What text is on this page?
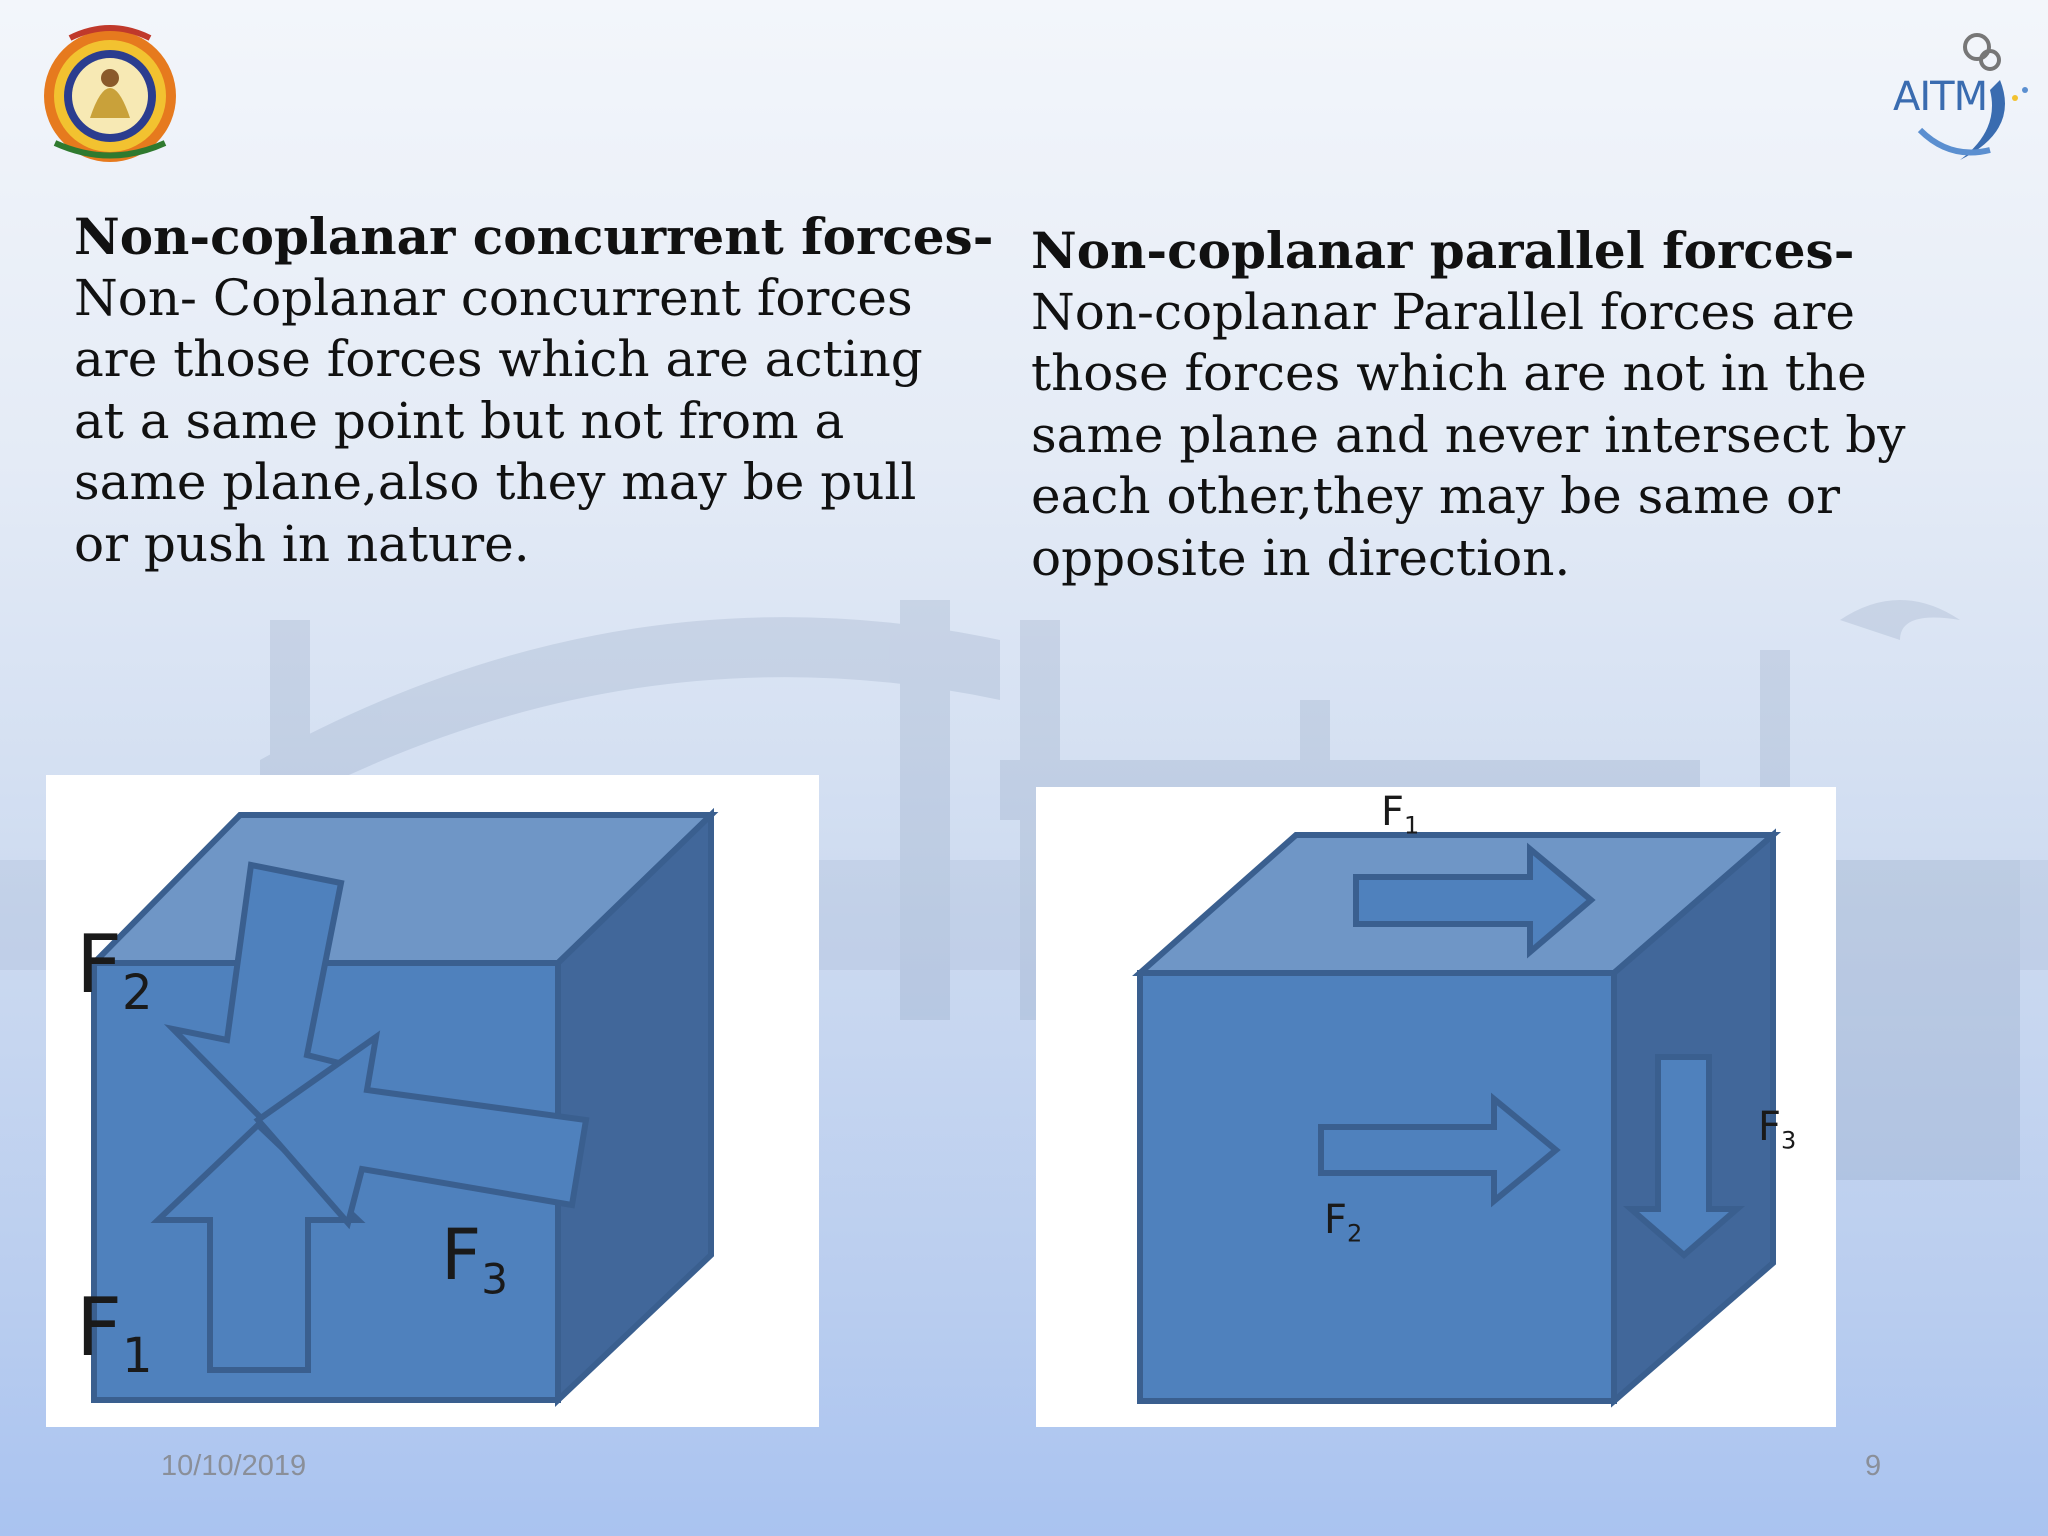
AITM
Non-coplanar concurrent forces-

Non- Coplanar concurrent forces
are those forces which are acting
at a same point but not from a
same plane,also they may be pull
or push in nature.

Non-coplanar parallel forces-

Non-coplanar Parallel forces are
those forces which are not in the
same plane and never intersect by
each other,they may be same or
opposite in direction.

$F_2$
$F_1$
$F_3$
$F_1$
$F_2$
$F_3$
10/10/2019	9
